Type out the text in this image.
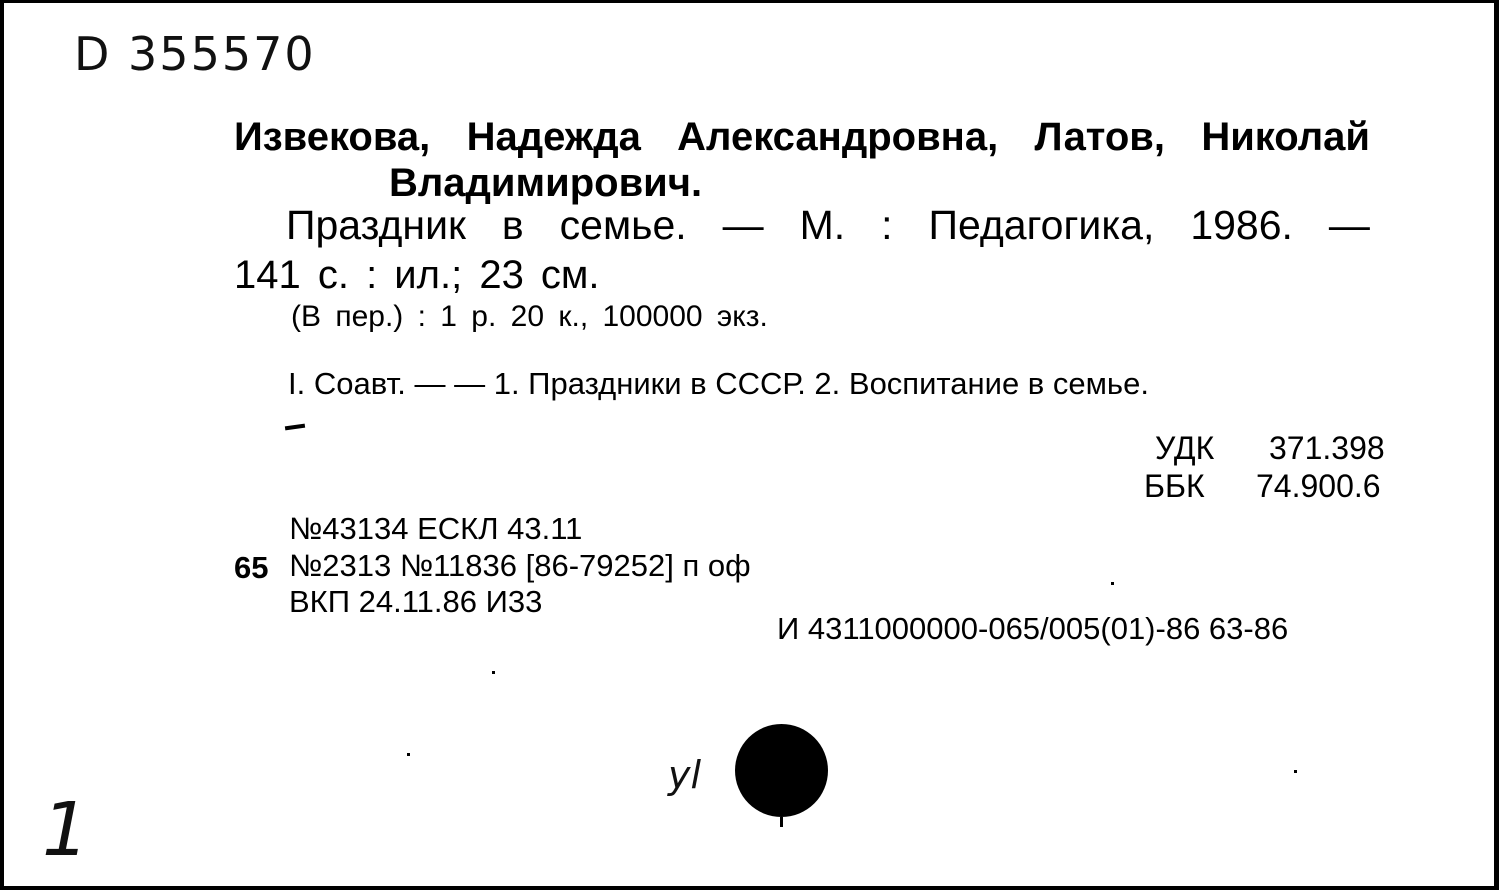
D 355570
Извекова, Надежда Александровна, Латов, Николай
Владимирович.
Праздник в семье. — М. : Педагогика, 1986. —
141 с. : ил.; 23 см.
(В пер.) : 1 р. 20 к., 100000 экз.
I. Соавт. — — 1. Праздники в СССР. 2. Воспитание в семье.
УДК 371.398
ББК 74.900.6
№43134 ЕСКЛ 43.11
65 №2313 №11836 [86-79252] п оф
ВКП 24.11.86 И33
И 4311000000-065/005(01)-86 63-86
yl
1
